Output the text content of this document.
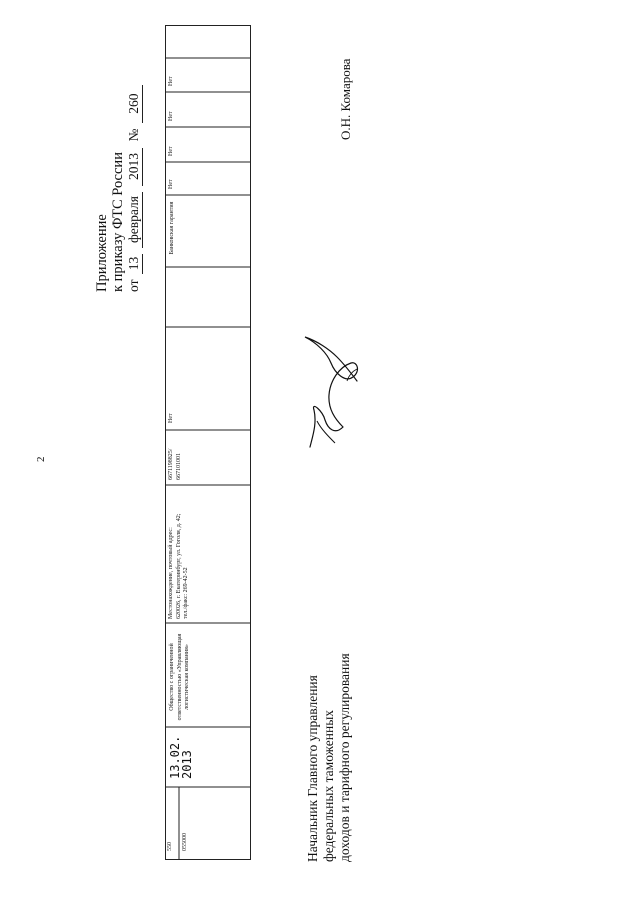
2
Приложение к приказу ФТС России от
13
февраля
2013
№
260
550 055000
13.02.
2013
Общество с ограниченной ответственностью «Управляющая логистическая компания»
Местонахождение, почтовый адрес: 620026, г. Екатеринбург, ул. Гоголя, д. 42; тел./факс: 269-42-52
6671198825/ 667101001
Нет
Банковская гарантия
Нет
Нет
Нет
Нет
Начальник Главного управления федеральных таможенных доходов и тарифного регулирования
О.Н. Комарова
